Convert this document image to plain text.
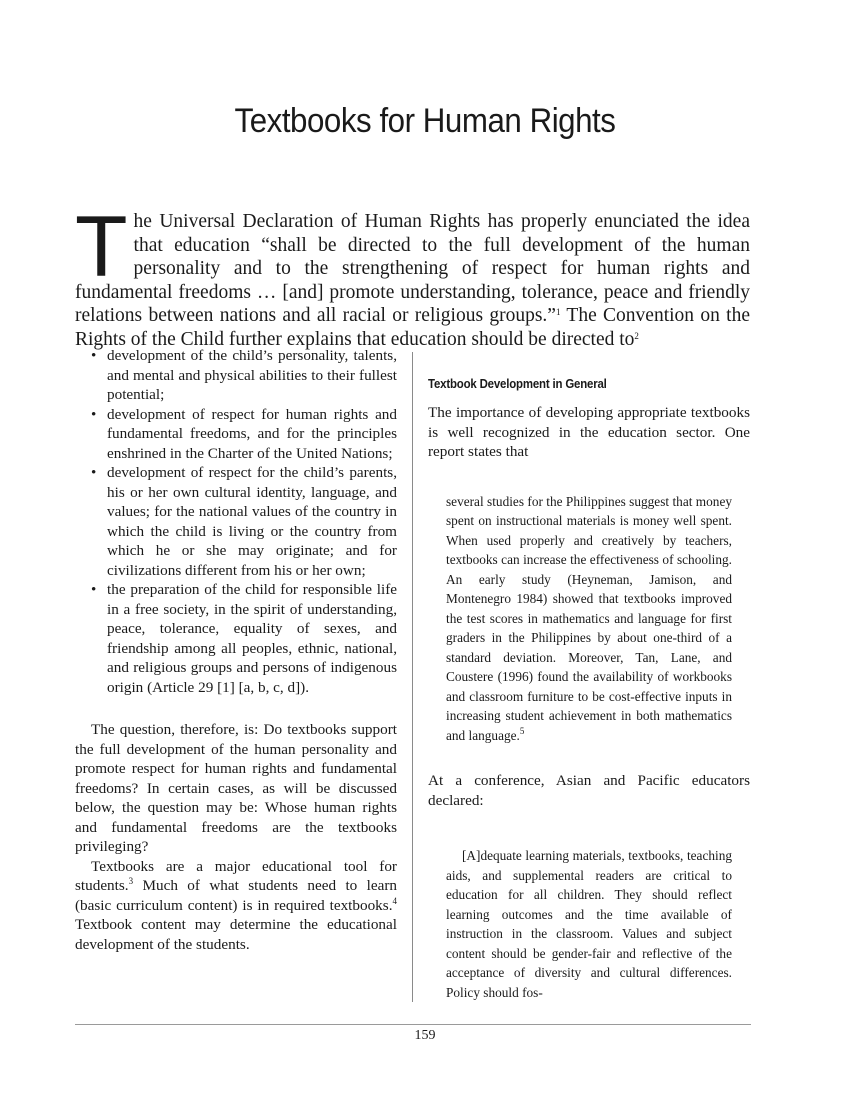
Textbooks for Human Rights

The Universal Declaration of Human Rights has properly enunciated the idea that education “shall be directed to the full development of the human personality and to the strengthening of respect for human rights and fundamental freedoms … [and] promote understanding, tolerance, peace and friendly relations between nations and all racial or religious groups.”$^1$ The Convention on the Rights of the Child further explains that education should be directed $to^2$

• development of the child’s personality, talents, and mental and physical abilities to their fullest potential;
• development of respect for human rights and fundamental freedoms, and for the principles enshrined in the Charter of the United Nations;
• development of respect for the child’s parents, his or her own cultural identity, language, and values; for the national values of the country in which the child is living or the country from which he or she may originate; and for civilizations different from his or her own;
• the preparation of the child for responsible life in a free society, in the spirit of understanding, peace, tolerance, equality of sexes, and friendship among all peoples, ethnic, national, and religious groups and persons of indigenous origin (Article 29 [1] [a, b, c, d]).

The question, therefore, is: Do textbooks support the full development of the human personality and promote respect for human rights and fundamental freedoms? In certain cases, as will be discussed below, the question may be: Whose human rights and fundamental freedoms are the textbooks privileging?

Textbooks are a major educational tool for students.$^3$ Much of what students need to learn (basic curriculum content) is in required textbooks.$^4$ Textbook content may determine the educational development of the students.

Textbook Development in General

The importance of developing appropriate textbooks is well recognized in the education sector. One report states that

several studies for the Philippines suggest that money spent on instructional materials is money well spent. When used properly and creatively by teachers, textbooks can increase the effectiveness of schooling. An early study (Heyneman, Jamison, and Montenegro 1984) showed that textbooks improved the test scores in mathematics and language for first graders in the Philippines by about one-third of a standard deviation. Moreover, Tan, Lane, and Coustere (1996) found the availability of workbooks and classroom furniture to be cost-effective inputs in increasing student achievement in both mathematics and language.$^5$

At a conference, Asian and Pacific educators declared:

[A]dequate learning materials, textbooks, teaching aids, and supplemental readers are critical to education for all children. They should reflect learning outcomes and the time available of instruction in the classroom. Values and subject content should be gender-fair and reflective of the acceptance of diversity and cultural differences. Policy should fos-
159
